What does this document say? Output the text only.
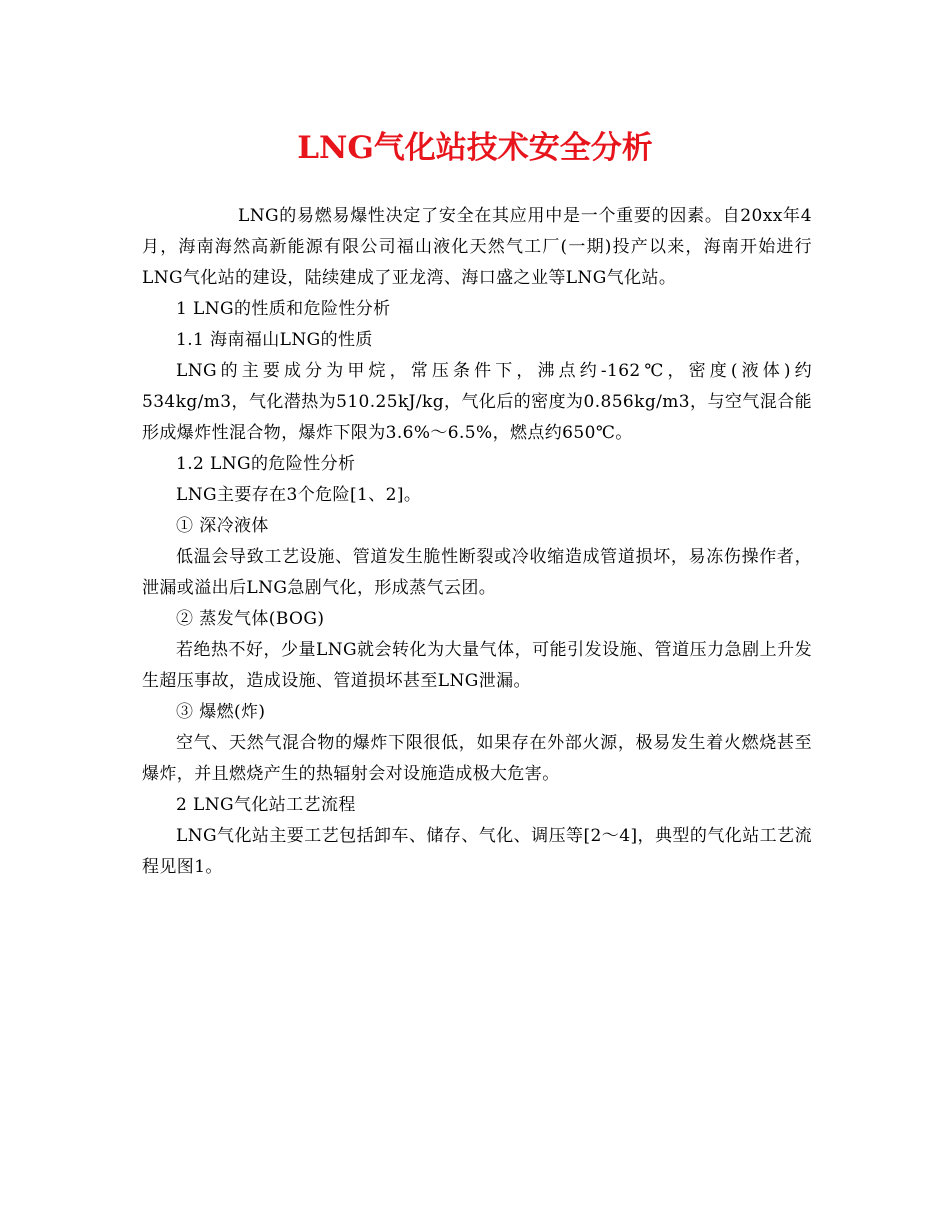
LNG气化站技术安全分析

LNG的易燃易爆性决定了安全在其应用中是一个重要的因素。自20xx年4月，海南海然高新能源有限公司福山液化天然气工厂(一期)投产以来，海南开始进行LNG气化站的建设，陆续建成了亚龙湾、海口盛之业等LNG气化站。

1 LNG的性质和危险性分析

1.1 海南福山LNG的性质

LNG的主要成分为甲烷，常压条件下，沸点约-162℃，密度(液体)约534kg/m3，气化潜热为510.25kJ/kg，气化后的密度为0.856kg/m3，与空气混合能形成爆炸性混合物，爆炸下限为3.6%～6.5%，燃点约650℃。

1.2 LNG的危险性分析

LNG主要存在3个危险[1、2]。

① 深冷液体

低温会导致工艺设施、管道发生脆性断裂或冷收缩造成管道损坏，易冻伤操作者，泄漏或溢出后LNG急剧气化，形成蒸气云团。

② 蒸发气体(BOG)

若绝热不好，少量LNG就会转化为大量气体，可能引发设施、管道压力急剧上升发生超压事故，造成设施、管道损坏甚至LNG泄漏。

③ 爆燃(炸)

空气、天然气混合物的爆炸下限很低，如果存在外部火源，极易发生着火燃烧甚至爆炸，并且燃烧产生的热辐射会对设施造成极大危害。

2 LNG气化站工艺流程

LNG气化站主要工艺包括卸车、储存、气化、调压等[2～4]，典型的气化站工艺流程见图1。
